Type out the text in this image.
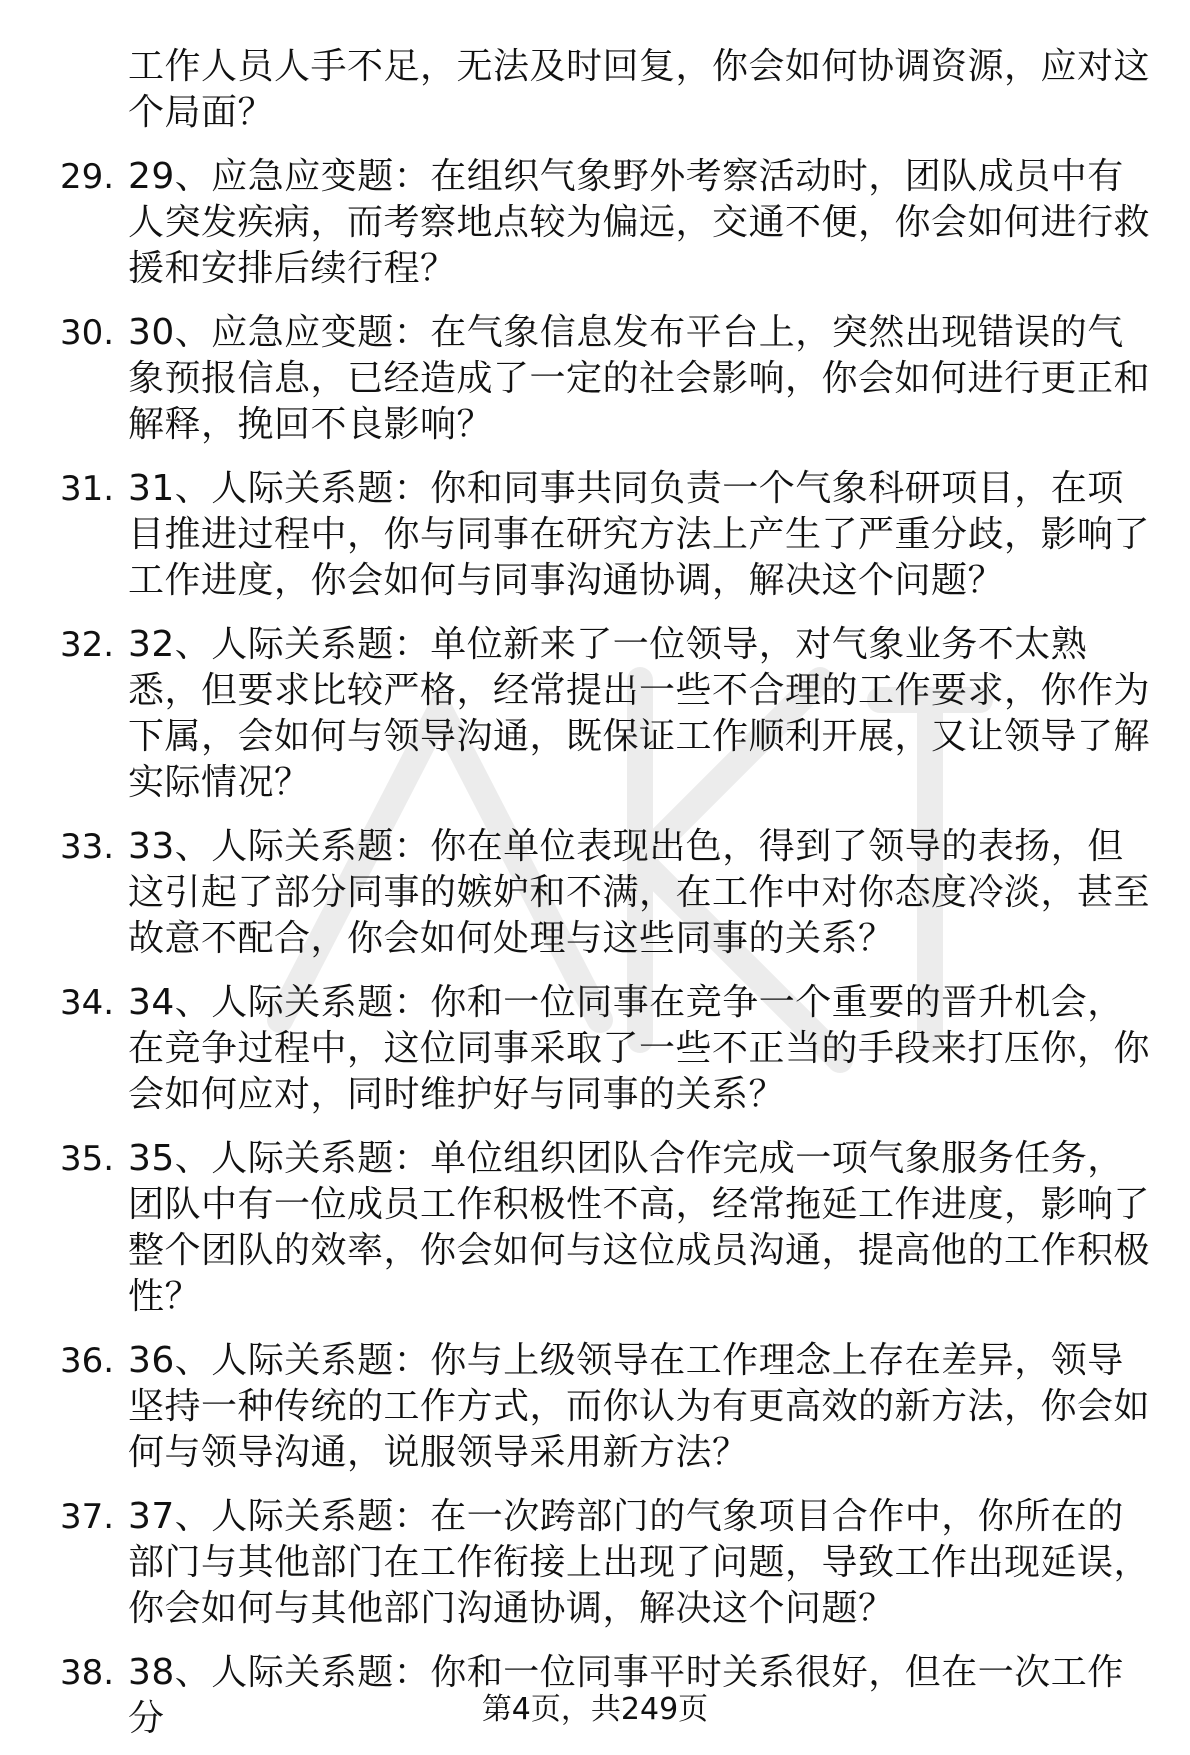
工作人员人手不足，无法及时回复，你会如何协调资源，应对这个局面？
29. 29、应急应变题：在组织气象野外考察活动时，团队成员中有人突发疾病，而考察地点较为偏远，交通不便，你会如何进行救援和安排后续行程？
30. 30、应急应变题：在气象信息发布平台上，突然出现错误的气象预报信息，已经造成了一定的社会影响，你会如何进行更正和解释，挽回不良影响？
31. 31、人际关系题：你和同事共同负责一个气象科研项目，在项目推进过程中，你与同事在研究方法上产生了严重分歧，影响了工作进度，你会如何与同事沟通协调，解决这个问题？
32. 32、人际关系题：单位新来了一位领导，对气象业务不太熟悉，但要求比较严格，经常提出一些不合理的工作要求，你作为下属，会如何与领导沟通，既保证工作顺利开展，又让领导了解实际情况？
33. 33、人际关系题：你在单位表现出色，得到了领导的表扬，但这引起了部分同事的嫉妒和不满，在工作中对你态度冷淡，甚至故意不配合，你会如何处理与这些同事的关系？
34. 34、人际关系题：你和一位同事在竞争一个重要的晋升机会，在竞争过程中，这位同事采取了一些不正当的手段来打压你，你会如何应对，同时维护好与同事的关系？
35. 35、人际关系题：单位组织团队合作完成一项气象服务任务，团队中有一位成员工作积极性不高，经常拖延工作进度，影响了整个团队的效率，你会如何与这位成员沟通，提高他的工作积极性？
36. 36、人际关系题：你与上级领导在工作理念上存在差异，领导坚持一种传统的工作方式，而你认为有更高效的新方法，你会如何与领导沟通，说服领导采用新方法？
37. 37、人际关系题：在一次跨部门的气象项目合作中，你所在的部门与其他部门在工作衔接上出现了问题，导致工作出现延误，你会如何与其他部门沟通协调，解决这个问题？
38. 38、人际关系题：你和一位同事平时关系很好，但在一次工作分	第4页，共249页
